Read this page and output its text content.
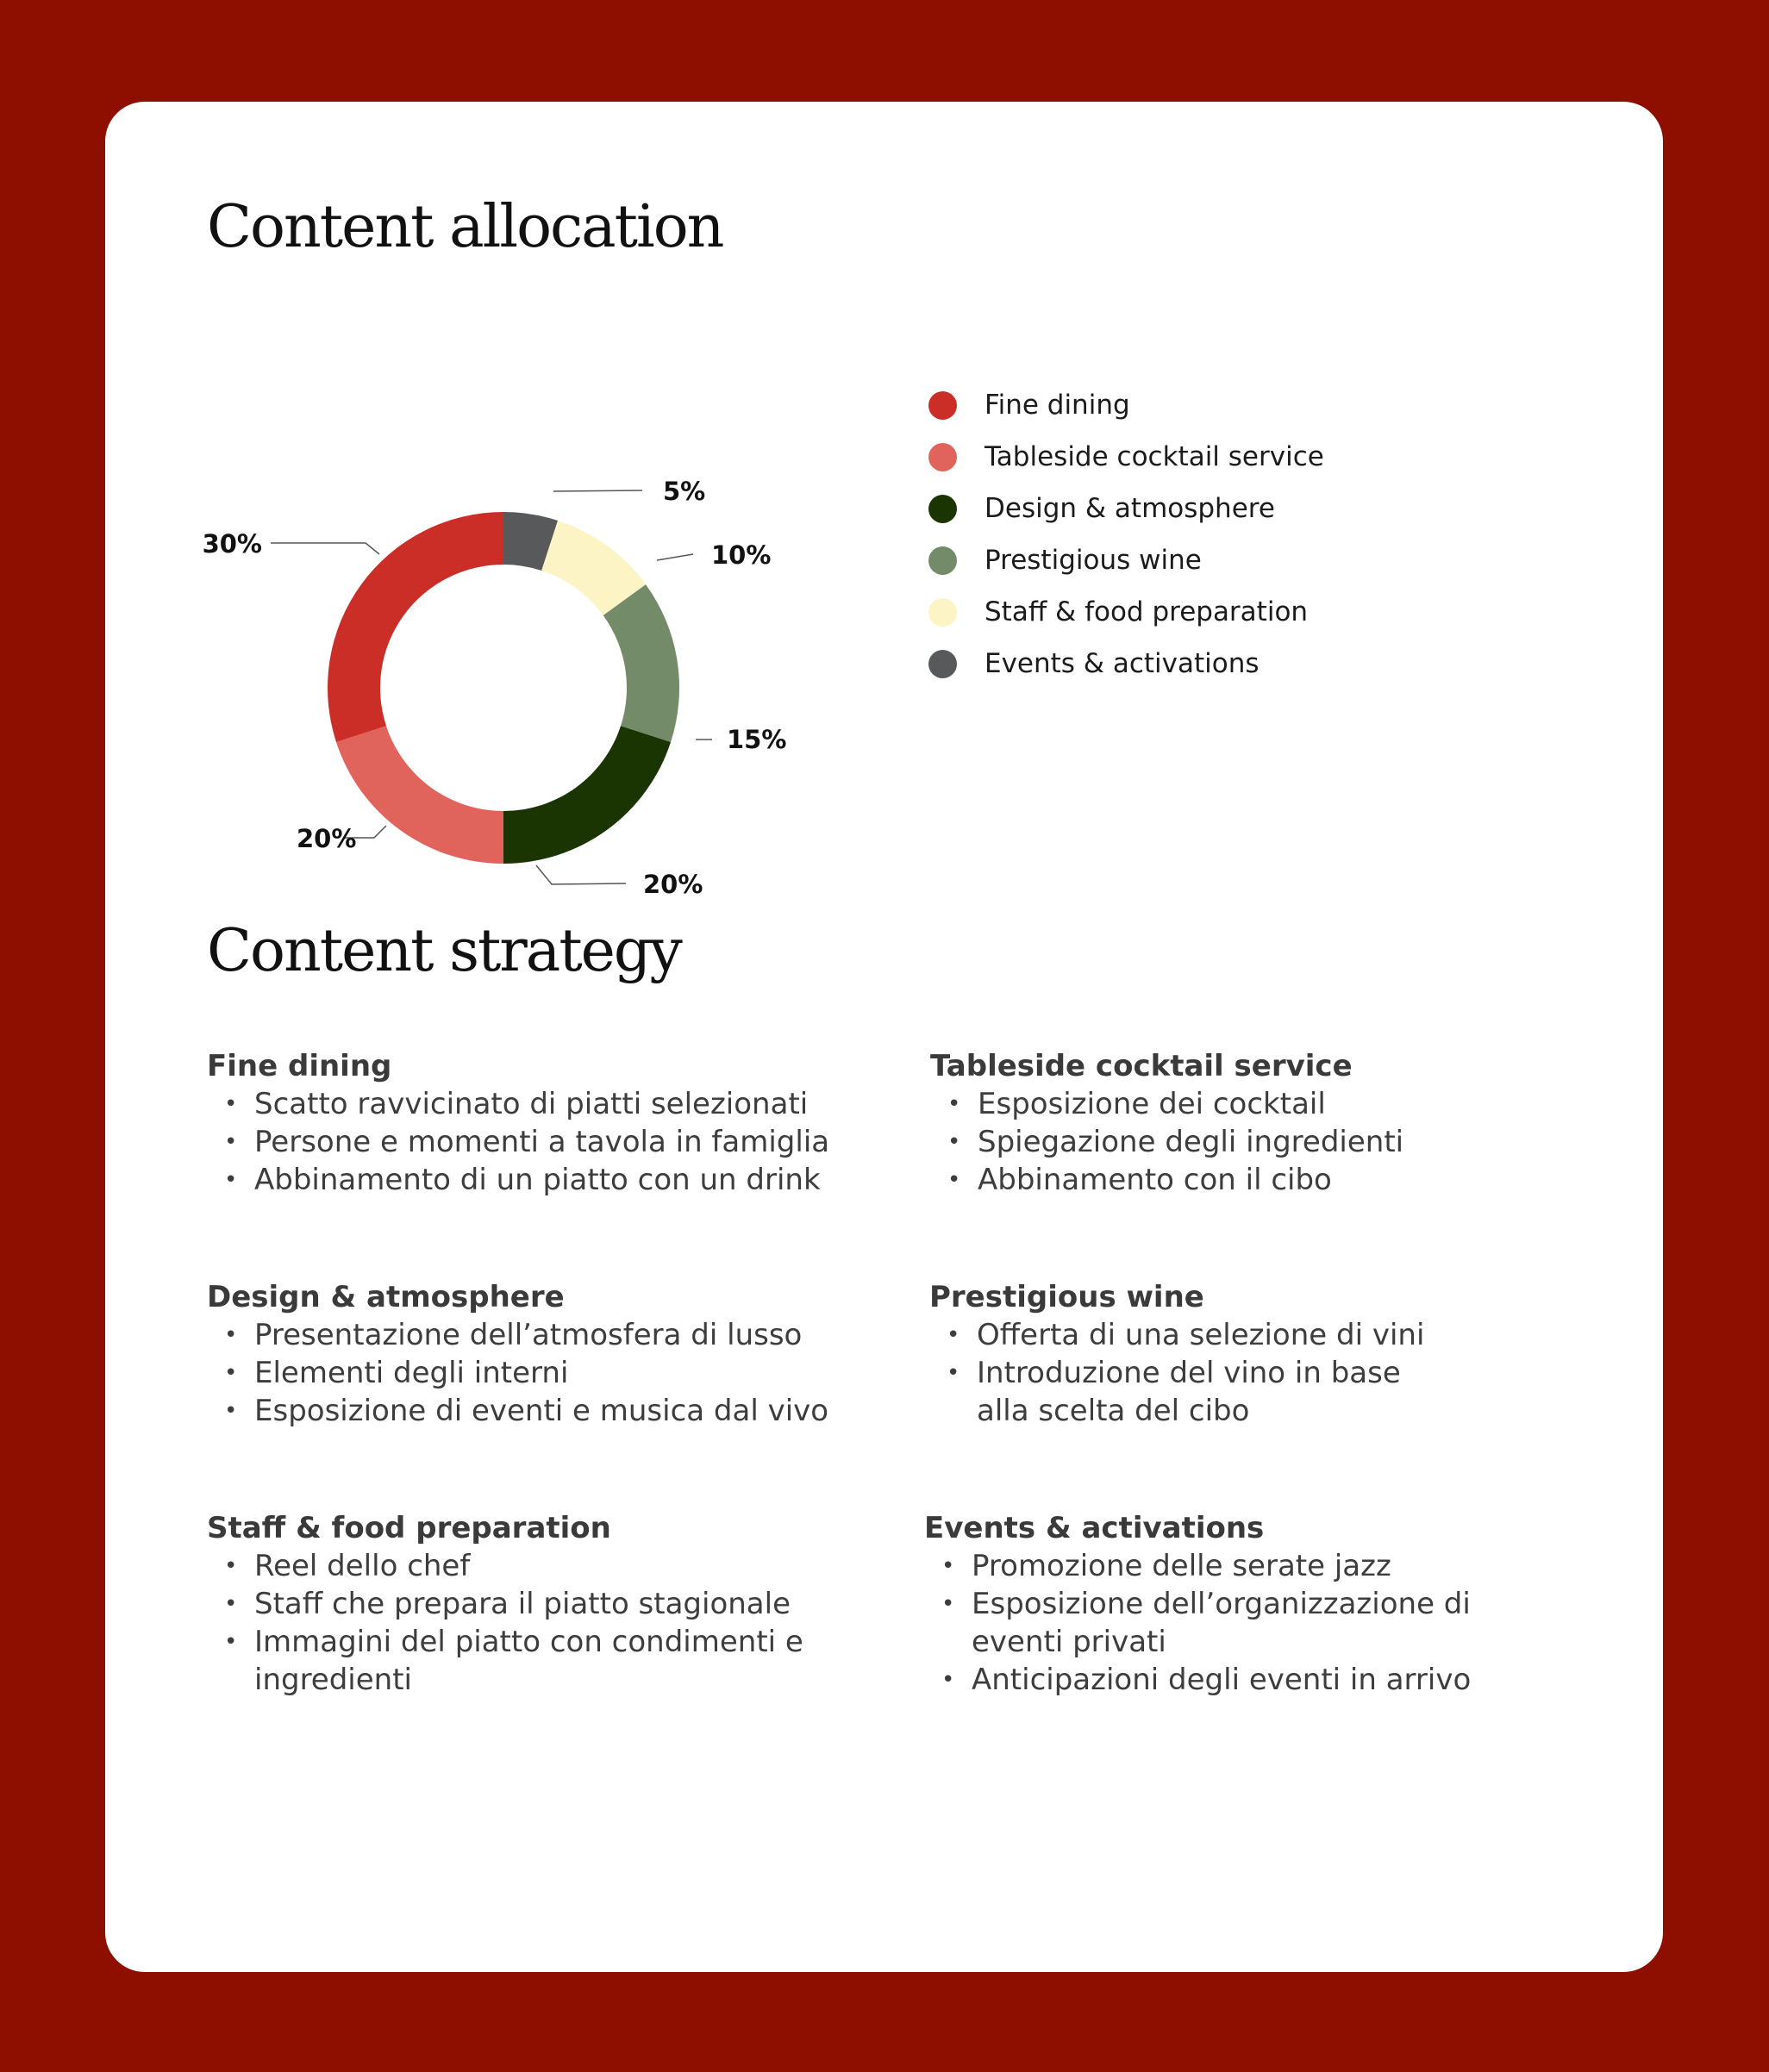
Content allocation
5%
10%
15%
20%
20%
30%
Fine dining
Tableside cocktail service
Design & atmosphere
Prestigious wine
Staff & food preparation
Events & activations
Content strategy
Fine dining
• Scatto ravvicinato di piatti selezionati
• Persone e momenti a tavola in famiglia
• Abbinamento di un piatto con un drink
Tableside cocktail service
• Esposizione dei cocktail
• Spiegazione degli ingredienti
• Abbinamento con il cibo
Design & atmosphere
• Presentazione dell’atmosfera di lusso
• Elementi degli interni
• Esposizione di eventi e musica dal vivo
Prestigious wine
• Offerta di una selezione di vini
• Introduzione del vino in base alla scelta del cibo
Staff & food preparation
• Reel dello chef
• Staff che prepara il piatto stagionale
• Immagini del piatto con condimenti e ingredienti
Events & activations
• Promozione delle serate jazz
• Esposizione dell’organizzazione di eventi privati
• Anticipazioni degli eventi in arrivo
